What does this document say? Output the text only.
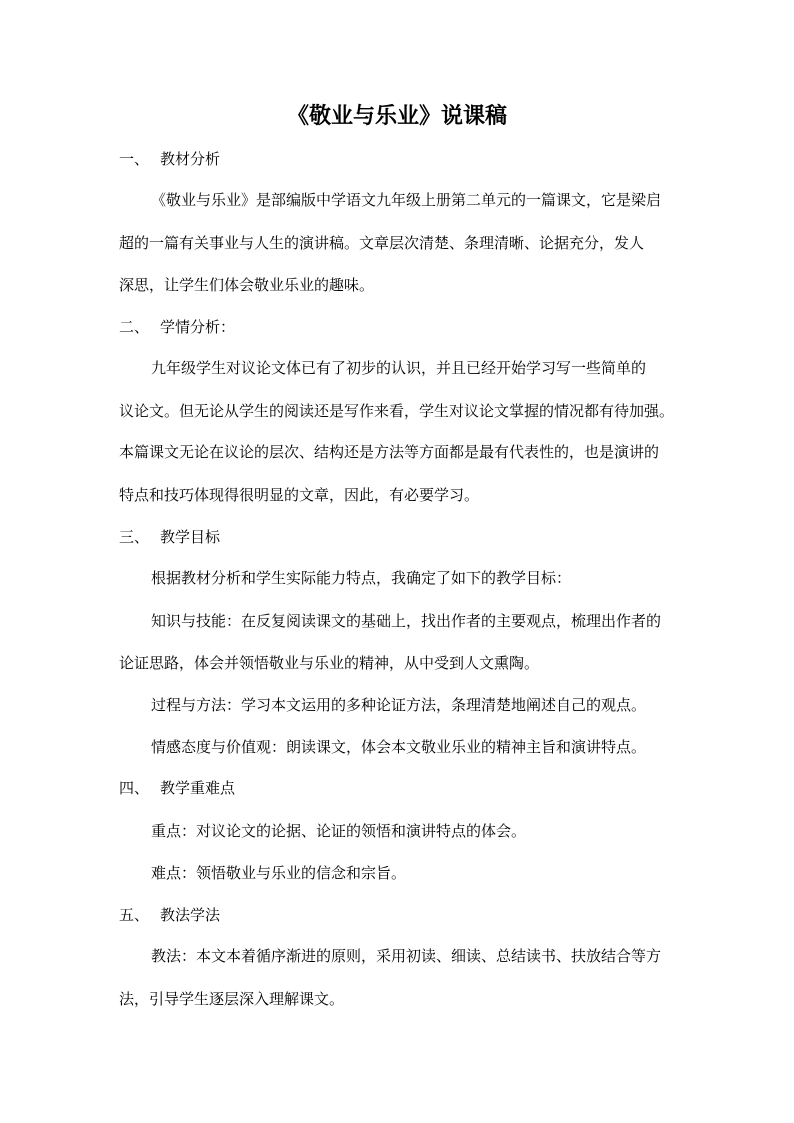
《敬业与乐业》说课稿
一、 教材分析
《敬业与乐业》是部编版中学语文九年级上册第二单元的一篇课文，它是梁启
超的一篇有关事业与人生的演讲稿。文章层次清楚、条理清晰、论据充分，发人
深思，让学生们体会敬业乐业的趣味。
二、 学情分析：
九年级学生对议论文体已有了初步的认识，并且已经开始学习写一些简单的
议论文。但无论从学生的阅读还是写作来看，学生对议论文掌握的情况都有待加强。
本篇课文无论在议论的层次、结构还是方法等方面都是最有代表性的，也是演讲的
特点和技巧体现得很明显的文章，因此，有必要学习。
三、 教学目标
根据教材分析和学生实际能力特点，我确定了如下的教学目标：
知识与技能：在反复阅读课文的基础上，找出作者的主要观点，梳理出作者的
论证思路，体会并领悟敬业与乐业的精神，从中受到人文熏陶。
过程与方法：学习本文运用的多种论证方法，条理清楚地阐述自己的观点。
情感态度与价值观：朗读课文，体会本文敬业乐业的精神主旨和演讲特点。
四、 教学重难点
重点：对议论文的论据、论证的领悟和演讲特点的体会。
难点：领悟敬业与乐业的信念和宗旨。
五、 教法学法
教法：本文本着循序渐进的原则，采用初读、细读、总结读书、扶放结合等方
法，引导学生逐层深入理解课文。
